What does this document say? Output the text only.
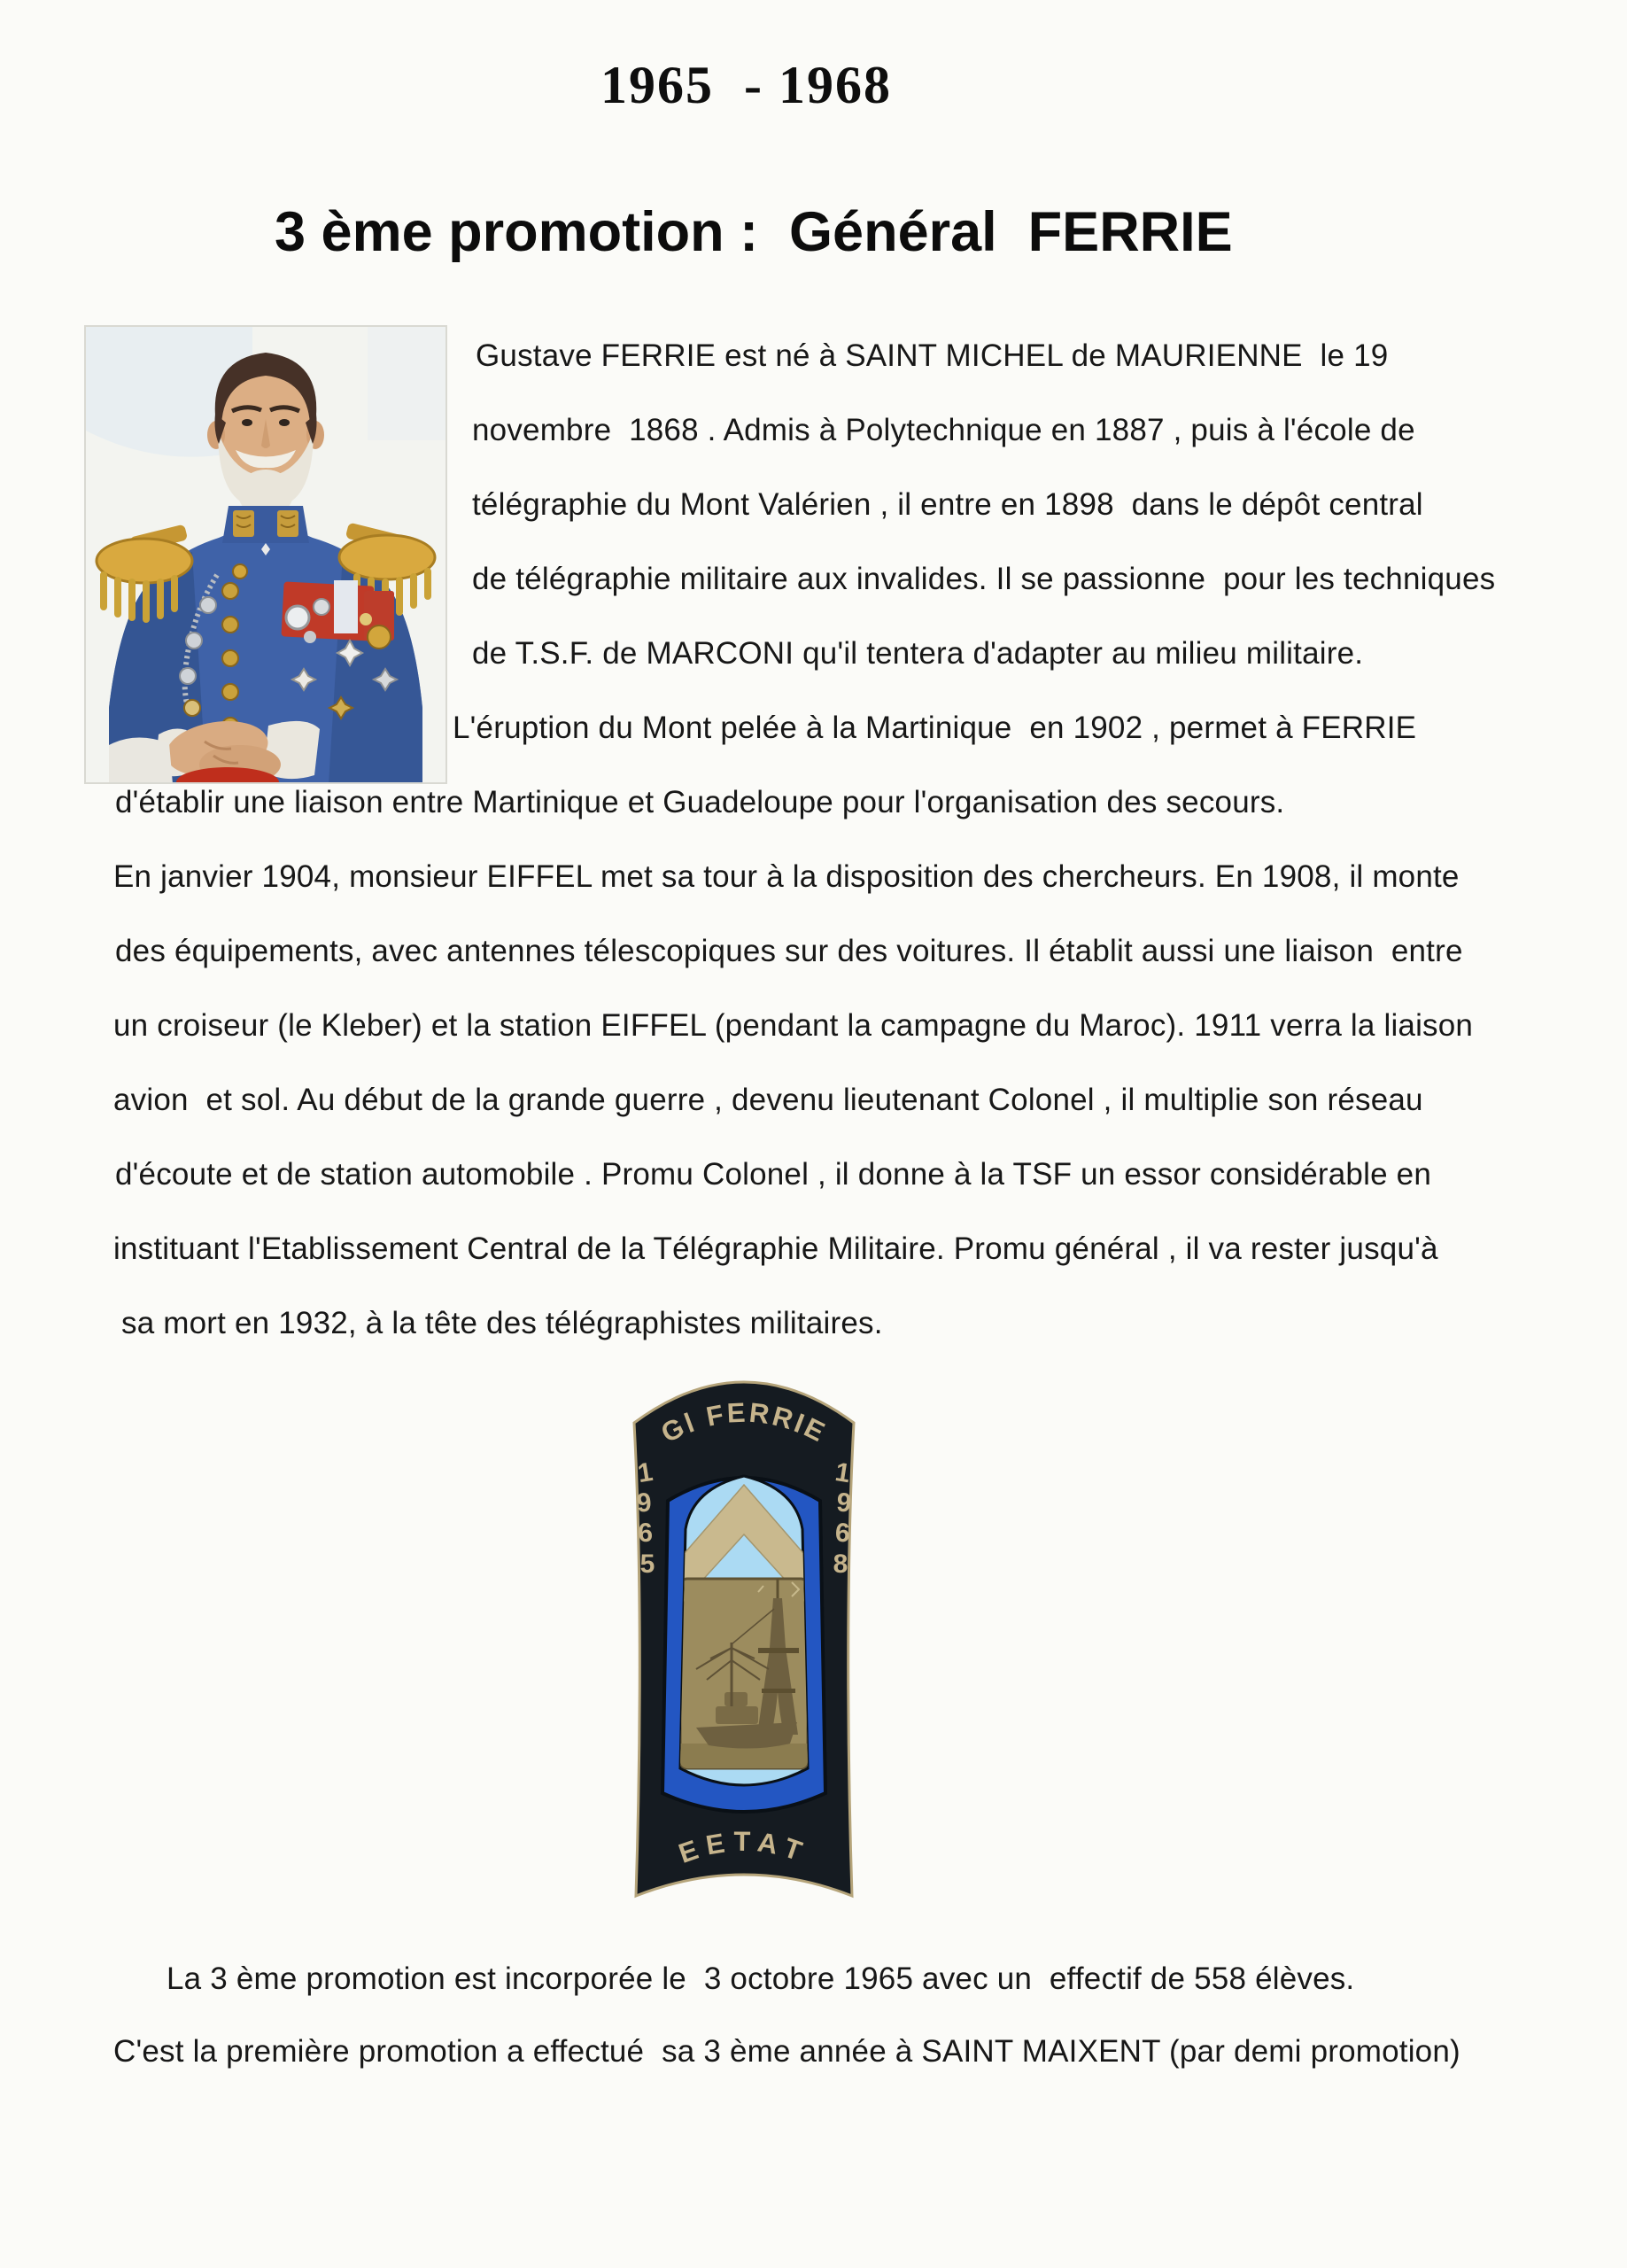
1965  - 1968
3 ème promotion :  Général  FERRIE
Gustave FERRIE est né à SAINT MICHEL de MAURIENNE  le 19
novembre  1868 . Admis à Polytechnique en 1887 , puis à l'école de
télégraphie du Mont Valérien , il entre en 1898  dans le dépôt central
de télégraphie militaire aux invalides. Il se passionne  pour les techniques
de T.S.F. de MARCONI qu'il tentera d'adapter au milieu militaire.
L'éruption du Mont pelée à la Martinique  en 1902 , permet à FERRIE
d'établir une liaison entre Martinique et Guadeloupe pour l'organisation des secours.
En janvier 1904, monsieur EIFFEL met sa tour à la disposition des chercheurs. En 1908, il monte
des équipements, avec antennes télescopiques sur des voitures. Il établit aussi une liaison  entre
un croiseur (le Kleber) et la station EIFFEL (pendant la campagne du Maroc). 1911 verra la liaison
avion  et sol. Au début de la grande guerre , devenu lieutenant Colonel , il multiplie son réseau
d'écoute et de station automobile . Promu Colonel , il donne à la TSF un essor considérable en
instituant l'Etablissement Central de la Télégraphie Militaire. Promu général , il va rester jusqu'à
sa mort en 1932, à la tête des télégraphistes militaires.
Gl FERRIE
EETAT
1
9
6
5
1
9
6
8
La 3 ème promotion est incorporée le  3 octobre 1965 avec un  effectif de 558 élèves.
C'est la première promotion a effectué  sa 3 ème année à SAINT MAIXENT (par demi promotion)
